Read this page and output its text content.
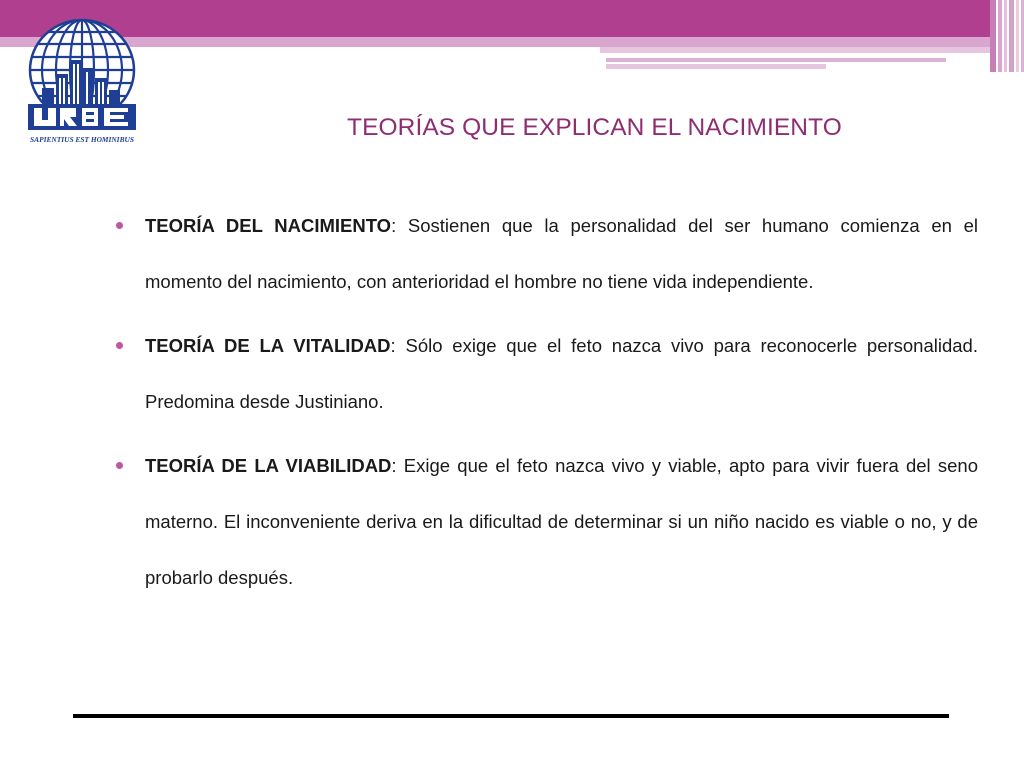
SAPIENTIUS EST HOMINIBUS	TEORÍAS QUE EXPLICAN EL NACIMIENTO
TEORÍA DEL NACIMIENTO: Sostienen que la personalidad del ser humano comienza en el momento del nacimiento, con anterioridad el hombre no tiene vida independiente.
TEORÍA DE LA VITALIDAD: Sólo exige que el feto nazca vivo para reconocerle personalidad. Predomina desde Justiniano.
TEORÍA DE LA VIABILIDAD: Exige que el feto nazca vivo y viable, apto para vivir fuera del seno materno. El inconveniente deriva en la dificultad de determinar si un niño nacido es viable o no, y de probarlo después.
